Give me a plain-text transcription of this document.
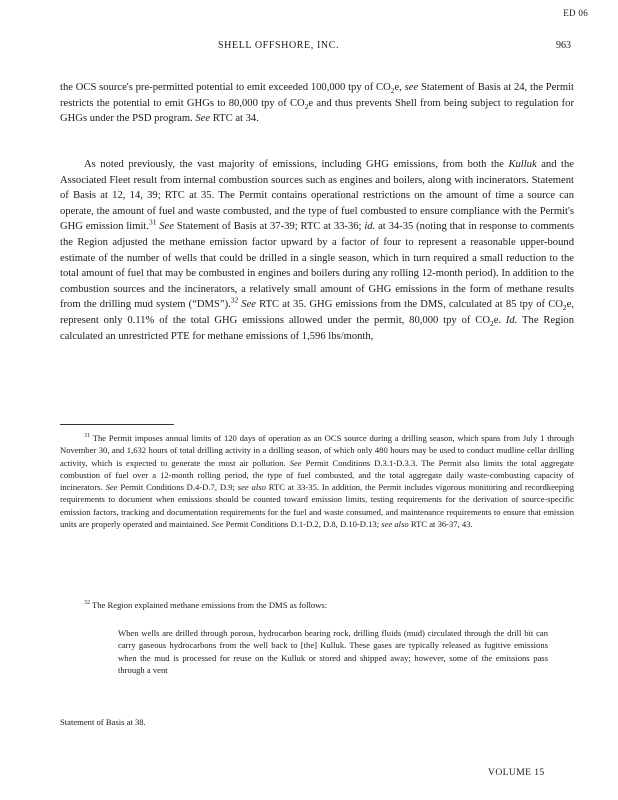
ED 06
SHELL OFFSHORE, INC.	963

the OCS source's pre-permitted potential to emit exceeded 100,000 tpy of $CO_2e$, see Statement of Basis at 24, the Permit restricts the potential to emit GHGs to 80,000 tpy of $CO_2e$ and thus prevents Shell from being subject to regulation for GHGs under the PSD program. See RTC at 34.

As noted previously, the vast majority of emissions, including GHG emissions, from both the Kulluk and the Associated Fleet result from internal combustion sources such as engines and boilers, along with incinerators. Statement of Basis at 12, 14, 39; RTC at 35. The Permit contains operational restrictions on the amount of time a source can operate, the amount of fuel and waste combusted, and the type of fuel combusted to ensure compliance with the Permit's GHG emission limit.$^{31}$ See Statement of Basis at 37-39; RTC at 33-36; id. at 34-35 (noting that in response to comments the Region adjusted the methane emission factor upward by a factor of four to represent a reasonable upper-bound estimate of the number of wells that could be drilled in a single season, which in turn required a small reduction to the total amount of fuel that may be combusted in engines and boilers during any rolling 12-month period). In addition to the combustion sources and the incinerators, a relatively small amount of GHG emissions in the form of methane results from the drilling mud system (“DMS”).$^{32}$ See RTC at 35. GHG emissions from the DMS, calculated at 85 tpy of $CO_2e$, represent only 0.11% of the total GHG emissions allowed under the permit, 80,000 tpy of $CO_2e$. Id. The Region calculated an unrestricted PTE for methane emissions of 1,596 lbs/month,

$^{31}$ The Permit imposes annual limits of 120 days of operation as an OCS source during a drilling season, which spans from July 1 through November 30, and 1,632 hours of total drilling activity in a drilling season, of which only 480 hours may be used to conduct mudline cellar drilling activity, which is expected to generate the most air pollution. See Permit Conditions D.3.1-D.3.3. The Permit also limits the total aggregate combustion of fuel over a 12-month rolling period, the type of fuel combusted, and the total aggregate daily waste-combusting capacity of incinerators. See Permit Conditions D.4-D.7, D.9; see also RTC at 33-35. In addition, the Permit includes vigorous monitoring and recordkeeping requirements to document when emissions should be counted toward emission limits, testing requirements for the derivation of source-specific emission factors, tracking and documentation requirements for the fuel and waste consumed, and maintenance requirements to ensure that emission units are properly operated and maintained. See Permit Conditions D.1-D.2, D.8, D.10-D.13; see also RTC at 36-37, 43.

$^{32}$ The Region explained methane emissions from the DMS as follows:

When wells are drilled through porous, hydrocarbon bearing rock, drilling fluids (mud) circulated through the drill bit can carry gaseous hydrocarbons from the well back to [the] Kulluk. These gases are typically released as fugitive emissions when the mud is processed for reuse on the Kulluk or stored and shipped away; however, some of the emissions pass through a vent

Statement of Basis at 38.
VOLUME 15
